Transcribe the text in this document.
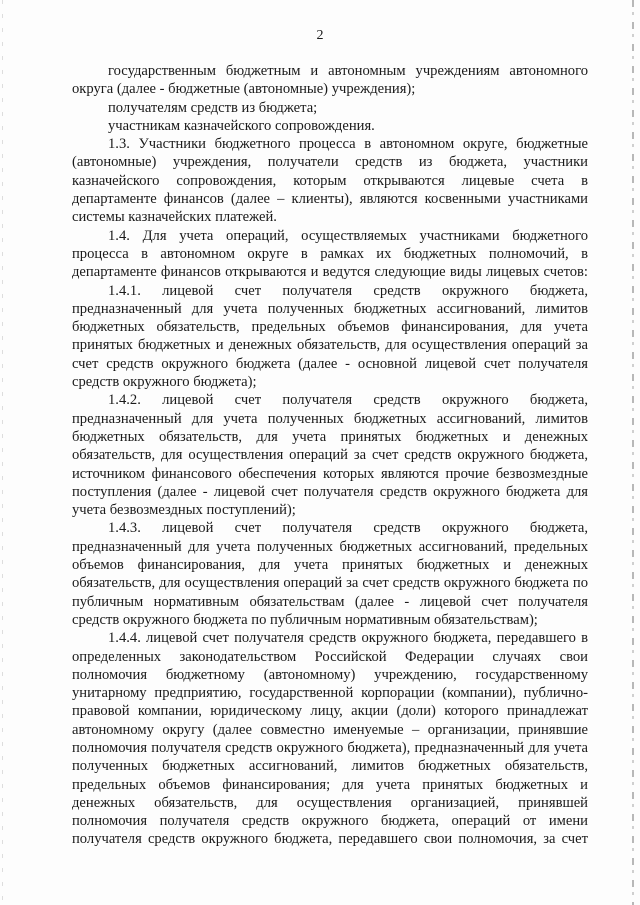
2
государственным бюджетным и автономным учреждениям автономного
округа (далее - бюджетные (автономные) учреждения);
получателям средств из бюджета;
участникам казначейского сопровождения.
1.3. Участники бюджетного процесса в автономном округе, бюджетные
(автономные) учреждения, получатели средств из бюджета, участники
казначейского сопровождения, которым открываются лицевые счета в
департаменте финансов (далее – клиенты), являются косвенными участниками
системы казначейских платежей.
1.4. Для учета операций, осуществляемых участниками бюджетного
процесса в автономном округе в рамках их бюджетных полномочий, в
департаменте финансов открываются и ведутся следующие виды лицевых счетов:
1.4.1. лицевой счет получателя средств окружного бюджета,
предназначенный для учета полученных бюджетных ассигнований, лимитов
бюджетных обязательств, предельных объемов финансирования, для учета
принятых бюджетных и денежных обязательств, для осуществления операций за
счет средств окружного бюджета (далее - основной лицевой счет получателя
средств окружного бюджета);
1.4.2. лицевой счет получателя средств окружного бюджета,
предназначенный для учета полученных бюджетных ассигнований, лимитов
бюджетных обязательств, для учета принятых бюджетных и денежных
обязательств, для осуществления операций за счет средств окружного бюджета,
источником финансового обеспечения которых являются прочие безвозмездные
поступления (далее - лицевой счет получателя средств окружного бюджета для
учета безвозмездных поступлений);
1.4.3. лицевой счет получателя средств окружного бюджета,
предназначенный для учета полученных бюджетных ассигнований, предельных
объемов финансирования, для учета принятых бюджетных и денежных
обязательств, для осуществления операций за счет средств окружного бюджета по
публичным нормативным обязательствам (далее - лицевой счет получателя
средств окружного бюджета по публичным нормативным обязательствам);
1.4.4. лицевой счет получателя средств окружного бюджета, передавшего в
определенных законодательством Российской Федерации случаях свои
полномочия бюджетному (автономному) учреждению, государственному
унитарному предприятию, государственной корпорации (компании), публично-
правовой компании, юридическому лицу, акции (доли) которого принадлежат
автономному округу (далее совместно именуемые – организации, принявшие
полномочия получателя средств окружного бюджета), предназначенный для учета
полученных бюджетных ассигнований, лимитов бюджетных обязательств,
предельных объемов финансирования; для учета принятых бюджетных и
денежных обязательств, для осуществления организацией, принявшей
полномочия получателя средств окружного бюджета, операций от имени
получателя средств окружного бюджета, передавшего свои полномочия, за счет
